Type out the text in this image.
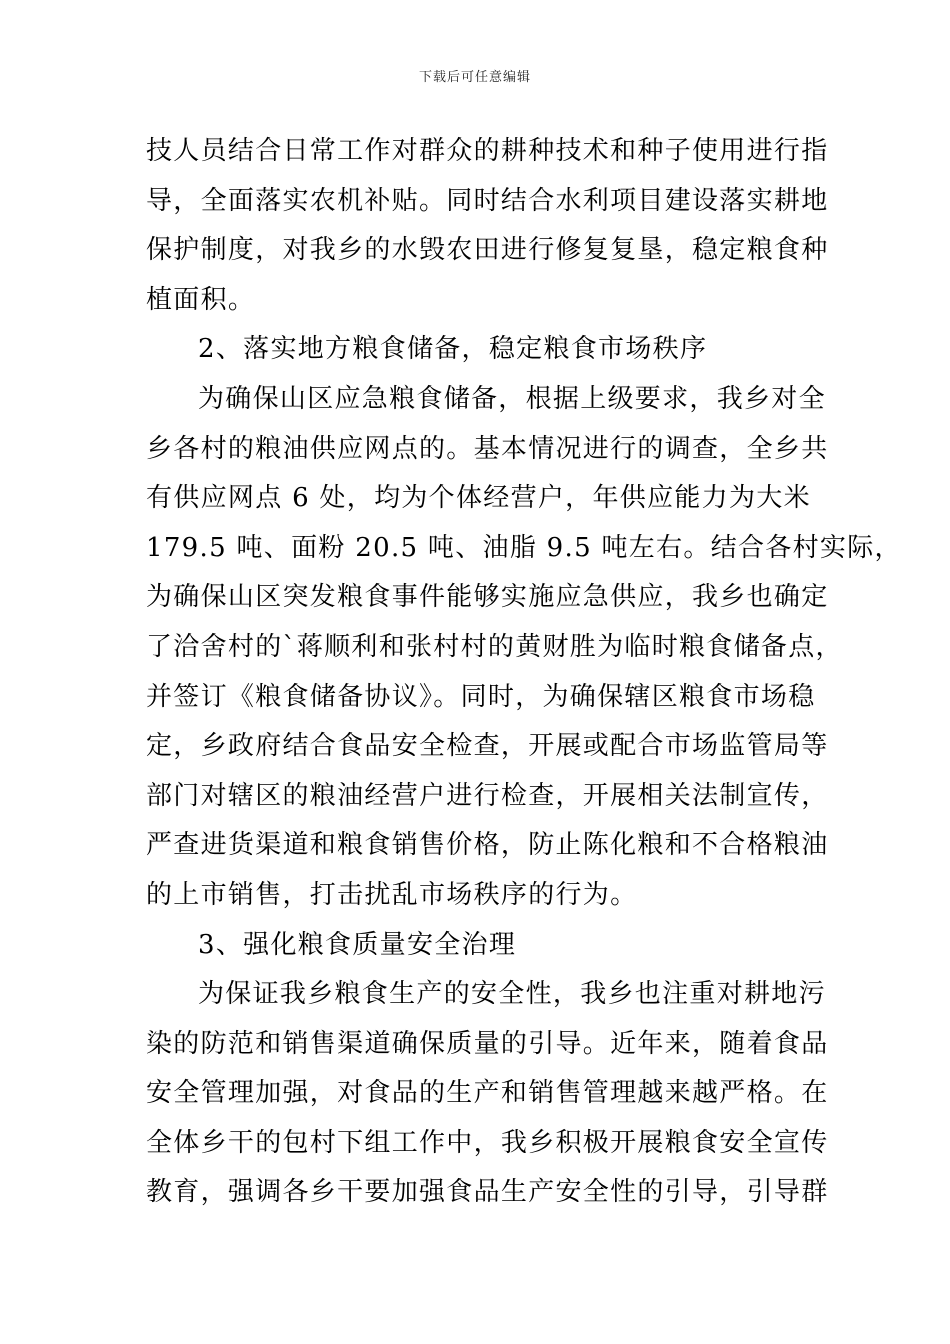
下载后可任意编辑
技人员结合日常工作对群众的耕种技术和种子使用进行指
导，全面落实农机补贴。同时结合水利项目建设落实耕地
保护制度，对我乡的水毁农田进行修复复垦，稳定粮食种
植面积。
2、落实地方粮食储备，稳定粮食市场秩序
为确保山区应急粮食储备，根据上级要求，我乡对全
乡各村的粮油供应网点的。基本情况进行的调查，全乡共
有供应网点 6 处，均为个体经营户，年供应能力为大米
179.5 吨、面粉 20.5 吨、油脂 9.5 吨左右。结合各村实际，
为确保山区突发粮食事件能够实施应急供应，我乡也确定
了洽舍村的`蒋顺利和张村村的黄财胜为临时粮食储备点，
并签订《粮食储备协议》。同时，为确保辖区粮食市场稳
定，乡政府结合食品安全检查，开展或配合市场监管局等
部门对辖区的粮油经营户进行检查，开展相关法制宣传，
严查进货渠道和粮食销售价格，防止陈化粮和不合格粮油
的上市销售，打击扰乱市场秩序的行为。
3、强化粮食质量安全治理
为保证我乡粮食生产的安全性，我乡也注重对耕地污
染的防范和销售渠道确保质量的引导。近年来，随着食品
安全管理加强，对食品的生产和销售管理越来越严格。在
全体乡干的包村下组工作中，我乡积极开展粮食安全宣传
教育，强调各乡干要加强食品生产安全性的引导，引导群
